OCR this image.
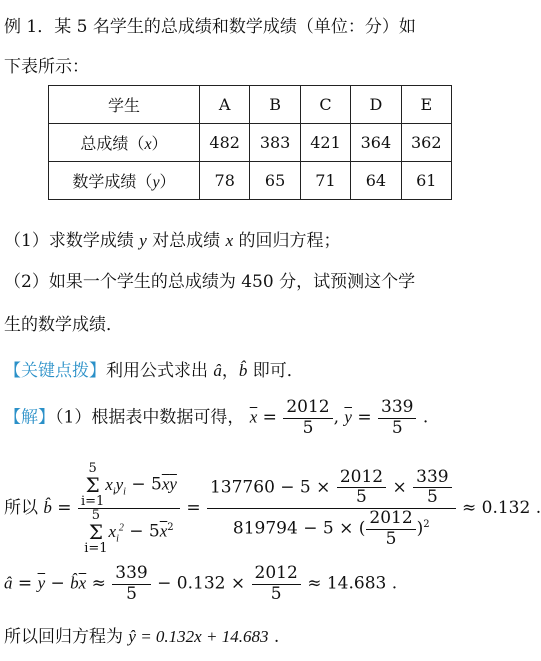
例 1．某 5 名学生的总成绩和数学成绩（单位：分）如
下表所示：
学生	A	B	C	D	E
总成绩（x）	482	383	421	364	362
数学成绩（y）	78	65	71	64	61
（1）求数学成绩 y 对总成绩 x 的回归方程；
（2）如果一个学生的总成绩为 450 分，试预测这个学
生的数学成绩．
【关键点拨】利用公式求出 â，b̂ 即可．
【解】（1）根据表中数据可得， $\overline{x} = \frac{2012}{5}$ , $\overline{y} = \frac{339}{5}$ .
所以 b̂ = 5
Σ
$i=1x_iy_i - 5\overline{x}\overline{y}$
5
Σ
$i=1x_i^2 - 5\overline{x}^2 = \frac{137760 - 5 \times \frac{2012}{5} \times \frac{339}{5}}{819794 - 5 \times ( \frac{2012}{5} )^2} \approx 0.132$ .
â = $\overline{y}$ − $b̂\overline{x} \approx \frac{339}{5} - 0.132 \times \frac{2012}{5} \approx 14.683$ .
所以回归方程为 ŷ = 0.132x + 14.683 .
